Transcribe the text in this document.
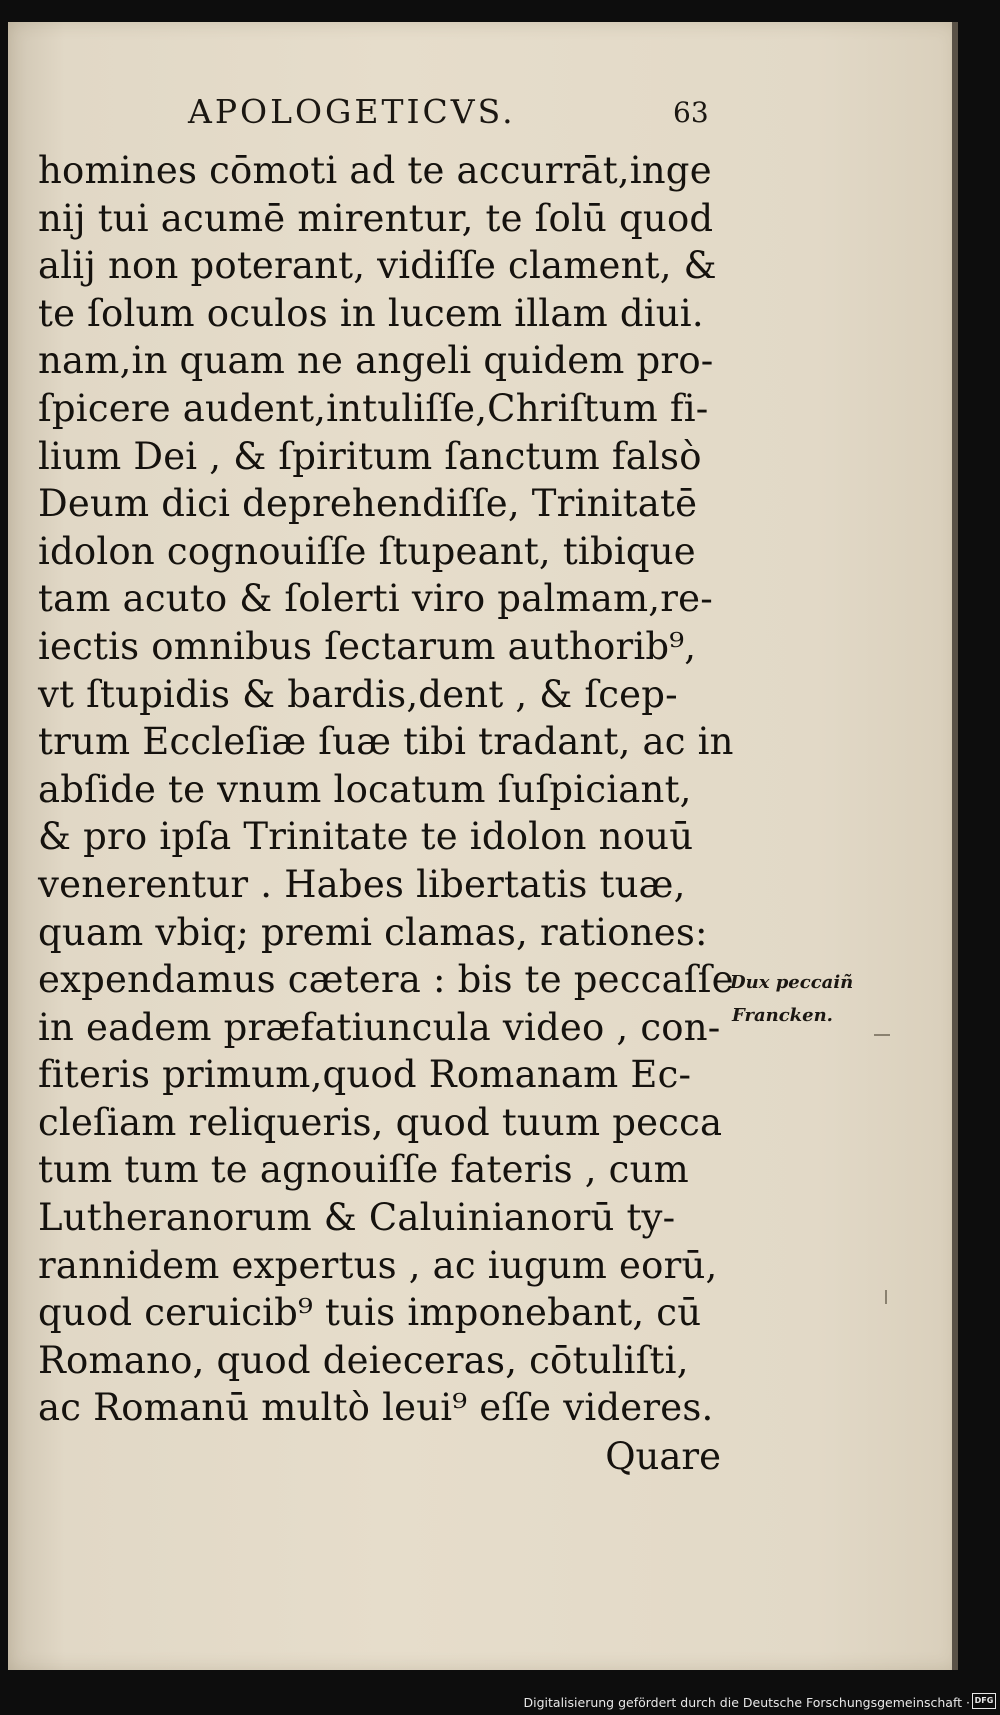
APOLOGETICVS.	63
homines cōmoti ad te accurrāt,inge
nij tui acumē mirentur, te ſolū quod
alij non poterant, vidiſſe clament, &
te ſolum oculos in lucem illam diui.
nam,in quam ne angeli quidem pro-
ſpicere audent,intuliſſe,Chriſtum fi-
lium Dei , & ſpiritum ſanctum falsò
Deum dici deprehendiſſe, Trinitatē
idolon cognouiſſe ſtupeant, tibique
tam acuto & ſolerti viro palmam,re-
iectis omnibus ſectarum authorib⁹,
vt ſtupidis & bardis,dent , & ſcep-
trum Eccleſiæ ſuæ tibi tradant, ac in
abſide te vnum locatum ſuſpiciant,
& pro ipſa Trinitate te idolon nouū
venerentur . Habes libertatis tuæ,
quam vbiq; premi clamas, rationes:
expendamus cætera : bis te peccaſſe
in eadem præfatiuncula video , con-
fiteris primum,quod Romanam Ec-
cleſiam reliqueris, quod tuum pecca
tum tum te agnouiſſe fateris , cum
Lutheranorum & Caluinianorū ty-
rannidem expertus , ac iugum eorū,
quod ceruicib⁹ tuis imponebant, cū
Romano, quod deieceras, cōtuliſti,
ac Romanū multò leui⁹ eſſe videres.
Quare
Dux peccaiñ
Francken.
Digitalisierung gefördert durch die Deutsche Forschungsgemeinschaft · DFG
